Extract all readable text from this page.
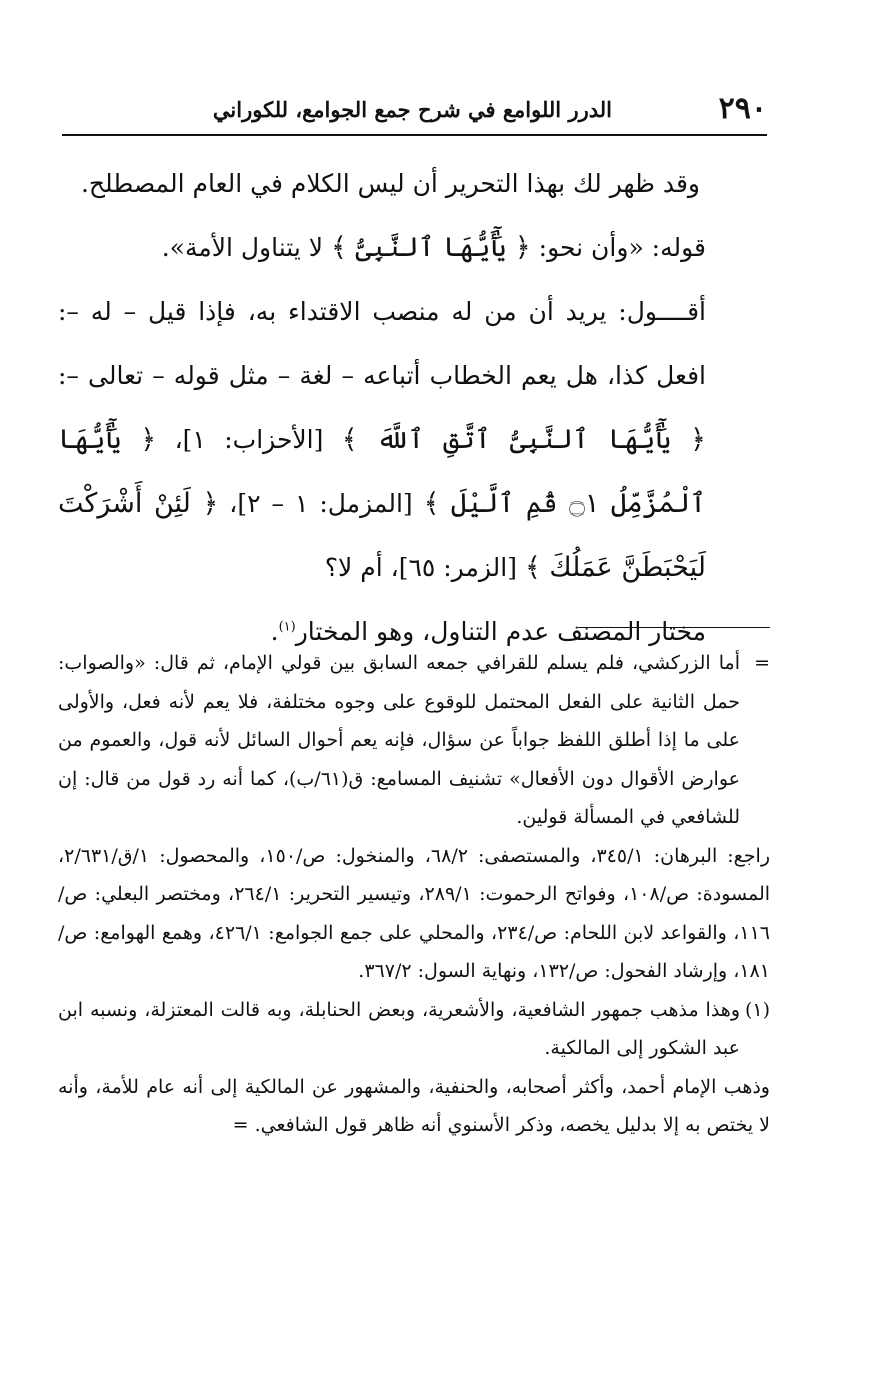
٢٩٠
الدرر اللوامع في شرح جمع الجوامع، للكوراني

وقد ظهر لك بهذا التحرير أن ليس الكلام في العام المصطلح.

قوله: «وأن نحو: ﴿ يَٰٓأَيُّهَا ٱلنَّبِىُّ ﴾ لا يتناول الأمة».

أقــــول: يريد أن من له منصب الاقتداء به، فإذا قيل – له –: افعل كذا، هل يعم الخطاب أتباعه – لغة – مثل قوله – تعالى –: ﴿ يَٰٓأَيُّهَا ٱلنَّبِىُّ ٱتَّقِ ٱللَّهَ ﴾ [الأحزاب: ١]، ﴿ يَٰٓأَيُّهَا ٱلْمُزَّمِّلُ ۝١ قُمِ ٱلَّيْلَ ﴾ [المزمل: ١ – ٢]، ﴿ لَئِنْ أَشْرَكْتَ لَيَحْبَطَنَّ عَمَلُكَ ﴾ [الزمر: ٦٥]، أم لا؟

مختار المصنف عدم التناول، وهو المختار$^{(١)}$.

=أما الزركشي، فلم يسلم للقرافي جمعه السابق بين قولي الإمام، ثم قال: «والصواب: حمل الثانية على الفعل المحتمل للوقوع على وجوه مختلفة، فلا يعم لأنه فعل، والأولى على ما إذا أطلق اللفظ جواباً عن سؤال، فإنه يعم أحوال السائل لأنه قول، والعموم من عوارض الأقوال دون الأفعال» تشنيف المسامع: ق(٦١/ب)، كما أنه رد قول من قال: إن للشافعي في المسألة قولين.

راجع: البرهان: ٣٤٥/١، والمستصفى: ٦٨/٢، والمنخول: ص/١٥٠، والمحصول: ١/ق/٢/٦٣١، المسودة: ص/١٠٨، وفواتح الرحموت: ٢٨٩/١، وتيسير التحرير: ٢٦٤/١، ومختصر البعلي: ص/١١٦، والقواعد لابن اللحام: ص/٢٣٤، والمحلي على جمع الجوامع: ٤٢٦/١، وهمع الهوامع: ص/١٨١، وإرشاد الفحول: ص/١٣٢، ونهاية السول: ٣٦٧/٢.

(١)وهذا مذهب جمهور الشافعية، والأشعرية، وبعض الحنابلة، وبه قالت المعتزلة، ونسبه ابن عبد الشكور إلى المالكية.

وذهب الإمام أحمد، وأكثر أصحابه، والحنفية، والمشهور عن المالكية إلى أنه عام للأمة، وأنه لا يختص به إلا بدليل يخصه، وذكر الأسنوي أنه ظاهر قول الشافعي. =
